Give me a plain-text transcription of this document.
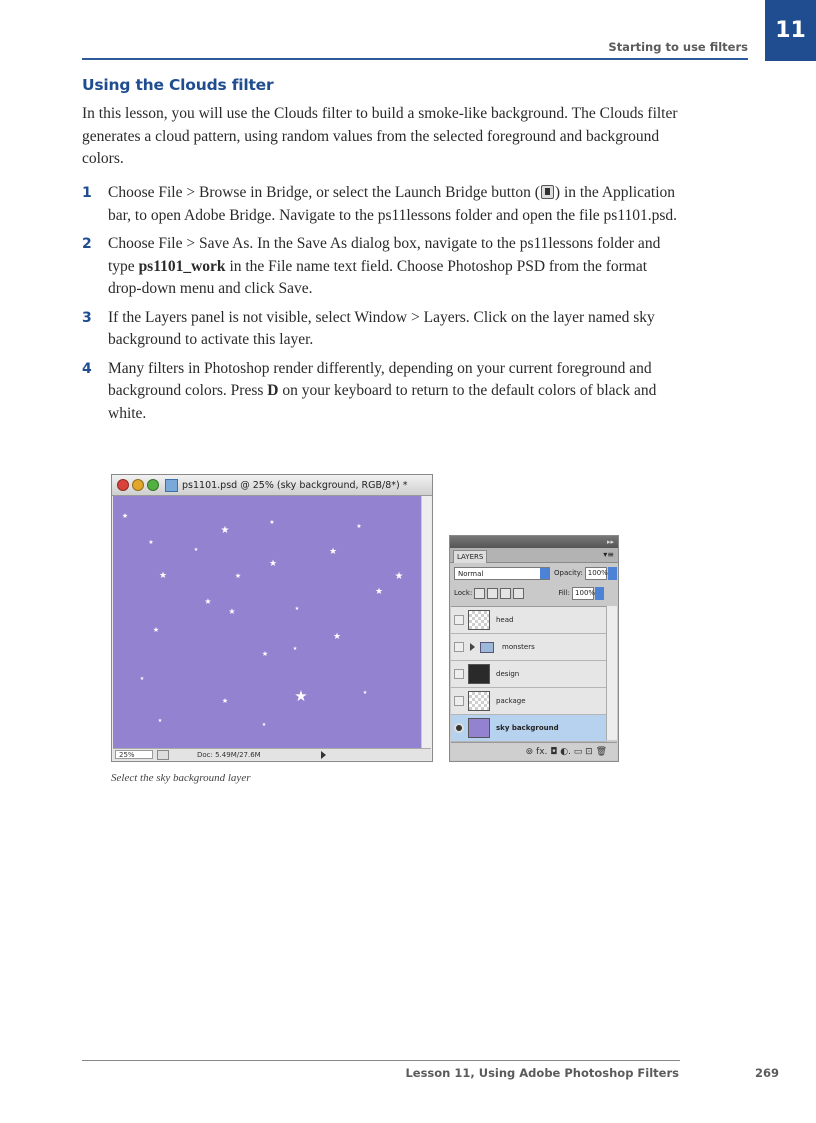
Starting to use filters
11
Using the Clouds filter
In this lesson, you will use the Clouds filter to build a smoke-like background. The Clouds filter generates a cloud pattern, using random values from the selected foreground and background colors.
1 Choose File > Browse in Bridge, or select the Launch Bridge button ( ) in the Application bar, to open Adobe Bridge. Navigate to the ps11lessons folder and open the file ps1101.psd.
2 Choose File > Save As. In the Save As dialog box, navigate to the ps11lessons folder and type ps1101_work in the File name text field. Choose Photoshop PSD from the format drop-down menu and click Save.
3 If the Layers panel is not visible, select Window > Layers. Click on the layer named sky background to activate this layer.
4 Many filters in Photoshop render differently, depending on your current foreground and background colors. Press D on your keyboard to return to the default colors of black and white.
ps1101.psd @ 25% (sky background, RGB/8*) *
★
★
★
★
★
★
★
★	★	★
★
★
★	★
★
★
★
★
★
★
★
★
★
★
★
25%	Doc: 5.49M/27.6M
▸▸
LAYERS	▾≡
Normal	Opacity: 100%
Lock:	Fill: 100%
head
monsters
design
package
sky background
⊚ fx. ◘ ◐. ▭ ⊡ 🗑
Select the sky background layer
Lesson 11, Using Adobe Photoshop Filters	269
